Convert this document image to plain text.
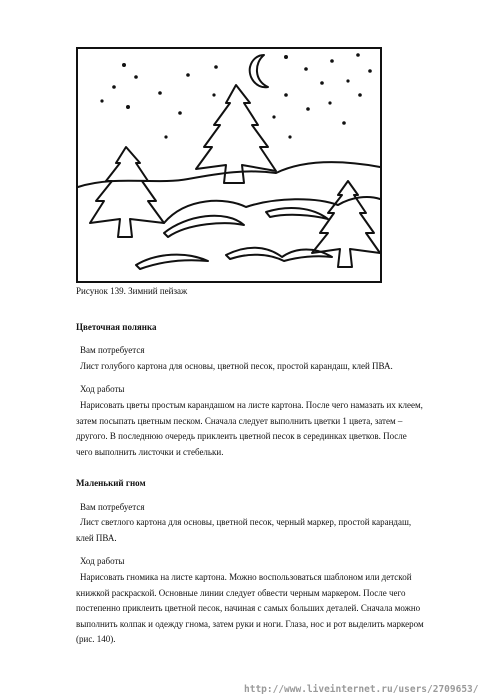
Рисунок 139. Зимний пейзаж
Цветочная полянка
Вам потребуется
Лист голубого картона для основы, цветной песок, простой карандаш, клей ПВА.
Ход работы
Нарисовать цветы простым карандашом на листе картона. После чего намазать их клеем,
затем посыпать цветным песком. Сначала следует выполнить цветки 1 цвета, затем –
другого. В последнюю очередь приклеить цветной песок в серединках цветков. После
чего выполнить листочки и стебельки.
Маленький гном
Вам потребуется
Лист светлого картона для основы, цветной песок, черный маркер, простой карандаш,
клей ПВА.
Ход работы
Нарисовать гномика на листе картона. Можно воспользоваться шаблоном или детской
книжкой раскраской. Основные линии следует обвести черным маркером. После чего
постепенно приклеить цветной песок, начиная с самых больших деталей. Сначала можно
выполнить колпак и одежду гнома, затем руки и ноги. Глаза, нос и рот выделить маркером
(рис. 140).
http://www.liveinternet.ru/users/2709653/
